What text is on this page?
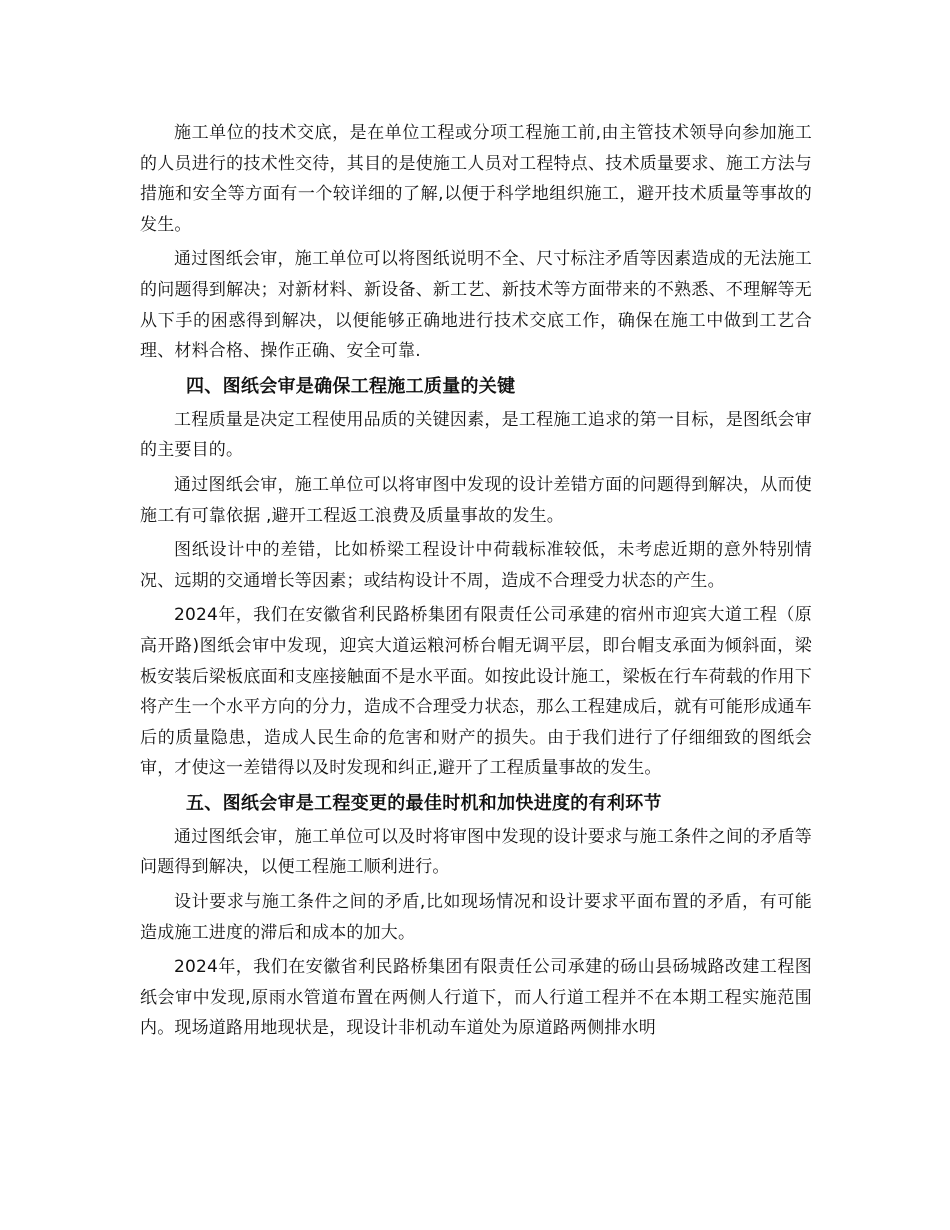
施工单位的技术交底，是在单位工程或分项工程施工前,由主管技术领导向参加施工的人员进行的技术性交待，其目的是使施工人员对工程特点、技术质量要求、施工方法与措施和安全等方面有一个较详细的了解,以便于科学地组织施工，避开技术质量等事故的发生。

通过图纸会审，施工单位可以将图纸说明不全、尺寸标注矛盾等因素造成的无法施工的问题得到解决；对新材料、新设备、新工艺、新技术等方面带来的不熟悉、不理解等无从下手的困惑得到解决，以便能够正确地进行技术交底工作，确保在施工中做到工艺合理、材料合格、操作正确、安全可靠.

四、图纸会审是确保工程施工质量的关键

工程质量是决定工程使用品质的关键因素，是工程施工追求的第一目标，是图纸会审的主要目的。

通过图纸会审，施工单位可以将审图中发现的设计差错方面的问题得到解决，从而使施工有可靠依据 ,避开工程返工浪费及质量事故的发生。

图纸设计中的差错，比如桥梁工程设计中荷载标准较低，未考虑近期的意外特别情况、远期的交通增长等因素；或结构设计不周，造成不合理受力状态的产生。

2024年，我们在安徽省利民路桥集团有限责任公司承建的宿州市迎宾大道工程（原高开路)图纸会审中发现，迎宾大道运粮河桥台帽无调平层，即台帽支承面为倾斜面，梁板安装后梁板底面和支座接触面不是水平面。如按此设计施工，梁板在行车荷载的作用下将产生一个水平方向的分力，造成不合理受力状态，那么工程建成后，就有可能形成通车后的质量隐患，造成人民生命的危害和财产的损失。由于我们进行了仔细细致的图纸会审，才使这一差错得以及时发现和纠正,避开了工程质量事故的发生。

五、图纸会审是工程变更的最佳时机和加快进度的有利环节

通过图纸会审，施工单位可以及时将审图中发现的设计要求与施工条件之间的矛盾等问题得到解决，以便工程施工顺利进行。

设计要求与施工条件之间的矛盾,比如现场情况和设计要求平面布置的矛盾，有可能造成施工进度的滞后和成本的加大。

2024年，我们在安徽省利民路桥集团有限责任公司承建的砀山县砀城路改建工程图纸会审中发现,原雨水管道布置在两侧人行道下，而人行道工程并不在本期工程实施范围内。现场道路用地现状是，现设计非机动车道处为原道路两侧排水明
